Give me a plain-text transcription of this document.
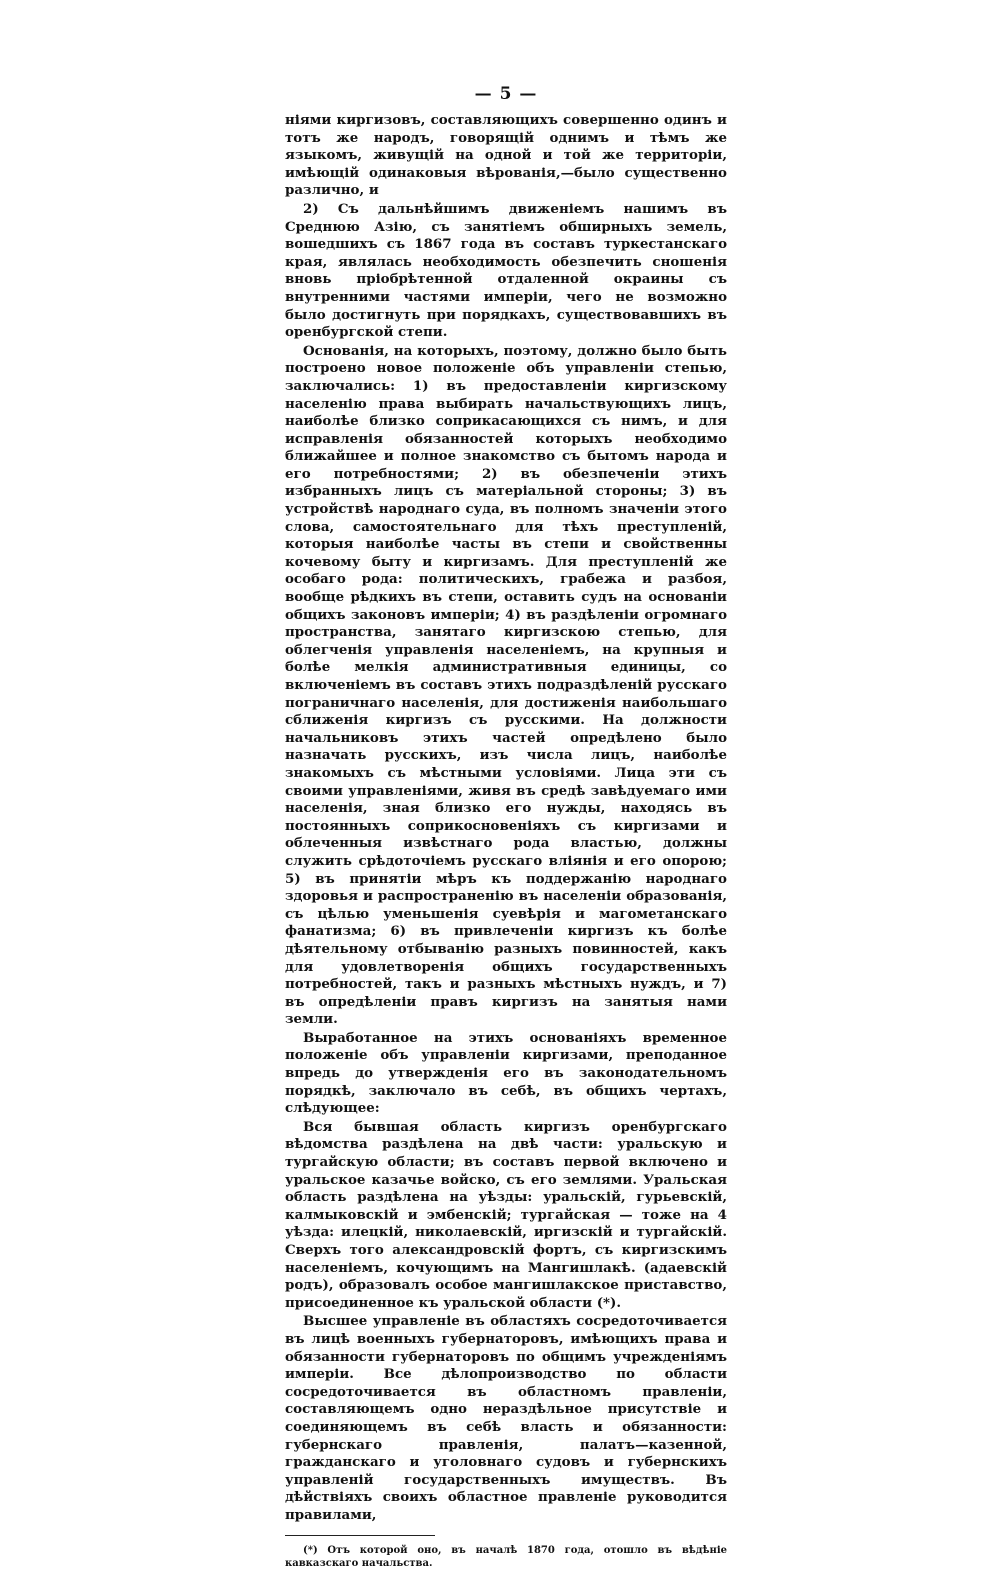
— 5 —

ніями киргизовъ, составляющихъ совершенно одинъ и тотъ же народъ, говорящій однимъ и тѣмъ же языкомъ, живущій на одной и той же территоріи, имѣющій одинаковыя вѣрованія,—было существенно различно, и

2) Съ дальнѣйшимъ движеніемъ нашимъ въ Среднюю Азію, съ занятіемъ обширныхъ земель, вошедшихъ съ 1867 года въ составъ туркестанскаго края, являлась необходимость обезпечить сношенія вновь пріобрѣтенной отдаленной окраины съ внутренними частями имперіи, чего не возможно было достигнуть при порядкахъ, существовавшихъ въ оренбургской степи.

Основанія, на которыхъ, поэтому, должно было быть построено новое положеніе объ управленіи степью, заключались: 1) въ предоставленіи киргизскому населенію права выбирать начальствующихъ лицъ, наиболѣе близко соприкасающихся съ нимъ, и для исправленія обязанностей которыхъ необходимо ближайшее и полное знакомство съ бытомъ народа и его потребностями; 2) въ обезпеченіи этихъ избранныхъ лицъ съ матеріальной стороны; 3) въ устройствѣ народнаго суда, въ полномъ значеніи этого слова, самостоятельнаго для тѣхъ преступленій, которыя наиболѣе часты въ степи и свойственны кочевому быту и киргизамъ. Для преступленій же особаго рода: политическихъ, грабежа и разбоя, вообще рѣдкихъ въ степи, оставить судъ на основаніи общихъ законовъ имперіи; 4) въ раздѣленіи огромнаго пространства, занятаго киргизскою степью, для облегченія управленія населеніемъ, на крупныя и болѣе мелкія административныя единицы, со включеніемъ въ составъ этихъ подраздѣленій русскаго пограничнаго населенія, для достиженія наибольшаго сближенія киргизъ съ русскими. На должности начальниковъ этихъ частей опредѣлено было назначать русскихъ, изъ числа лицъ, наиболѣе знакомыхъ съ мѣстными условіями. Лица эти съ своими управленіями, живя въ средѣ завѣдуемаго ими населенія, зная близко его нужды, находясь въ постоянныхъ соприкосновеніяхъ съ киргизами и облеченныя извѣстнаго рода властью, должны служить срѣдоточіемъ русскаго вліянія и его опорою; 5) въ принятіи мѣръ къ поддержанію народнаго здоровья и распространенію въ населеніи образованія, съ цѣлью уменьшенія суевѣрія и магометанскаго фанатизма; 6) въ привлеченіи киргизъ къ болѣе дѣятельному отбыванію разныхъ повинностей, какъ для удовлетворенія общихъ государственныхъ потребностей, такъ и разныхъ мѣстныхъ нуждъ, и 7) въ опредѣленіи правъ киргизъ на занятыя нами земли.

Выработанное на этихъ основаніяхъ временное положеніе объ управленіи киргизами, преподанное впредь до утвержденія его въ законодательномъ порядкѣ, заключало въ себѣ, въ общихъ чертахъ, слѣдующее:

Вся бывшая область киргизъ оренбургскаго вѣдомства раздѣлена на двѣ части: уральскую и тургайскую области; въ составъ первой включено и уральское казачье войско, съ его землями. Уральская область раздѣлена на уѣзды: уральскій, гурьевскій, калмыковскій и эмбенскій; тургайская — тоже на 4 уѣзда: илецкій, николаевскій, иргизскій и тургайскій. Сверхъ того александровскій фортъ, съ киргизскимъ населеніемъ, кочующимъ на Мангишлакѣ. (адаевскій родъ), образовалъ особое мангишлакское приставство, присоединенное къ уральской области (*).

Высшее управленіе въ областяхъ сосредоточивается въ лицѣ военныхъ губернаторовъ, имѣющихъ права и обязанности губернаторовъ по общимъ учрежденіямъ имперіи. Все дѣлопроизводство по области сосредоточивается въ областномъ правленіи, составляющемъ одно нераздѣльное присутствіе и соединяющемъ въ себѣ власть и обязанности: губернскаго правленія, палатъ—казенной, гражданскаго и уголовнаго судовъ и губернскихъ управленій государственныхъ имуществъ. Въ дѣйствіяхъ своихъ областное правленіе руководится правилами,

(*) Отъ которой оно, въ началѣ 1870 года, отошло въ вѣдѣніе кавказскаго начальства.
